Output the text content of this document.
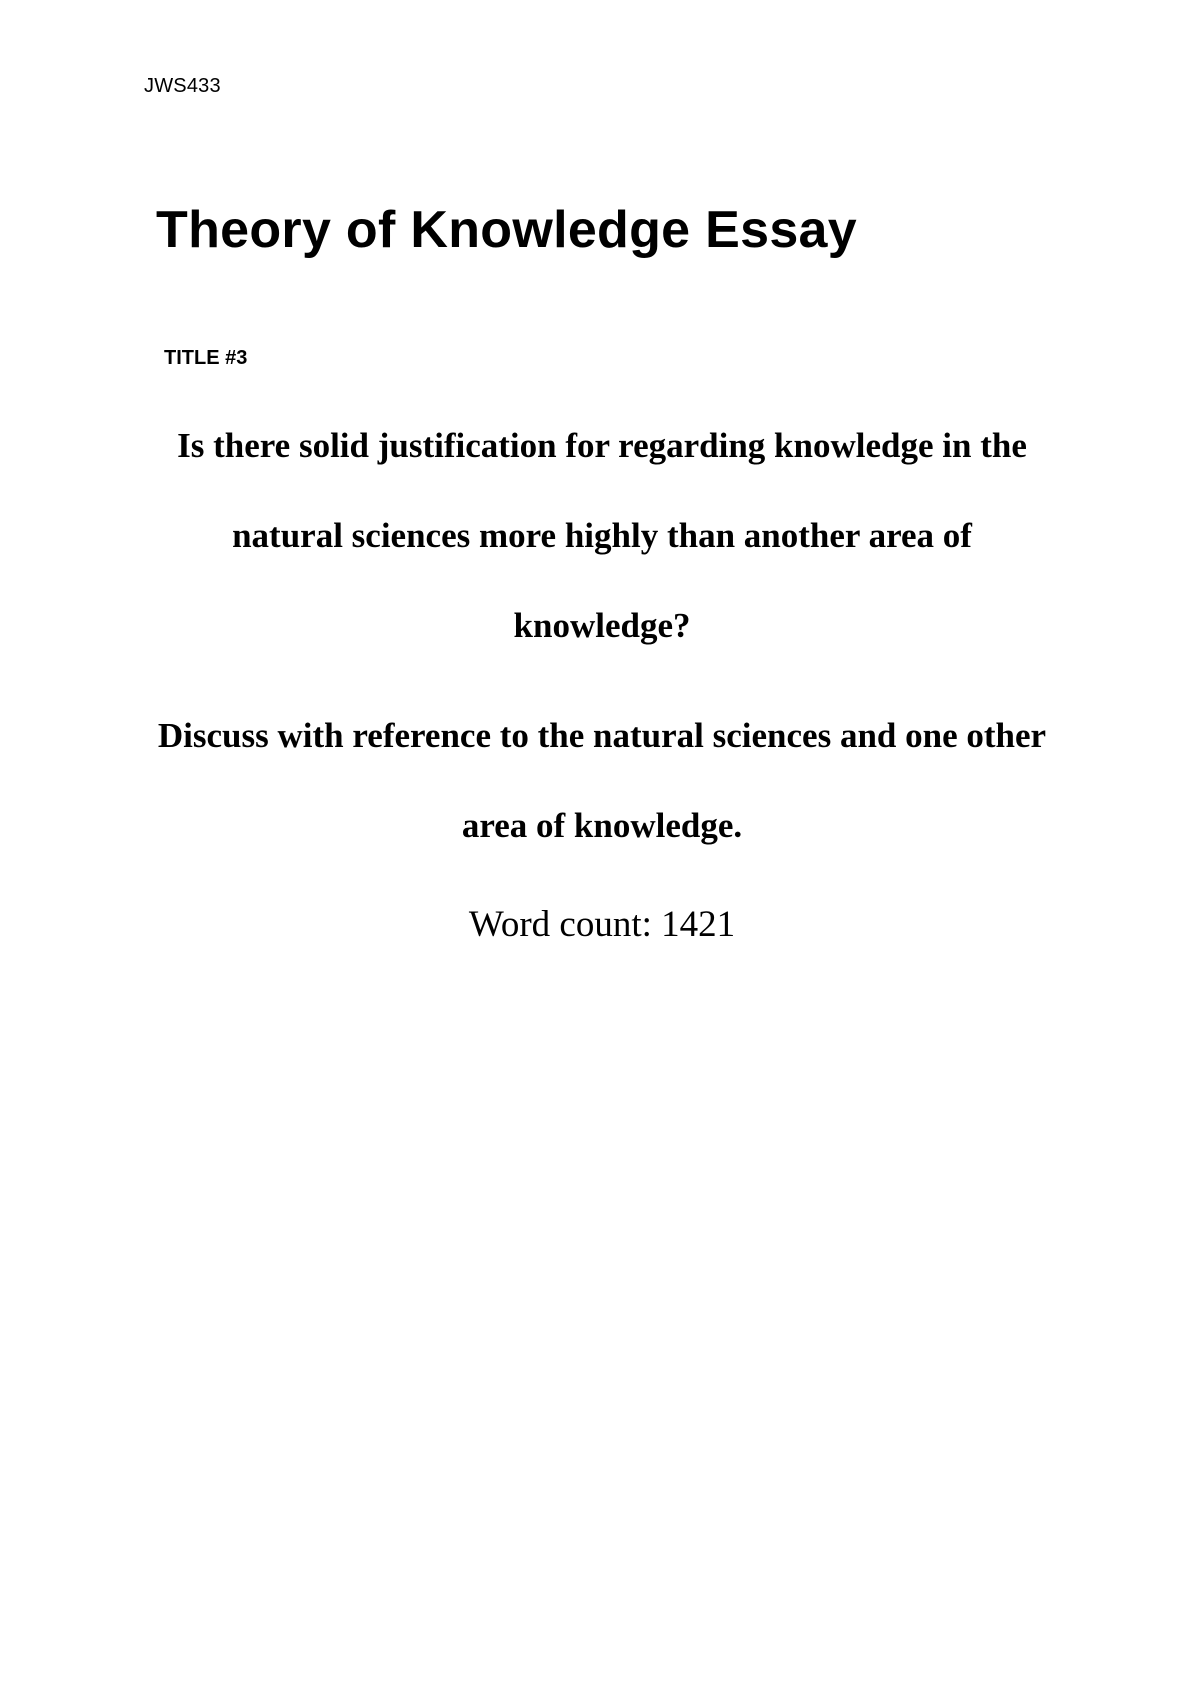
JWS433
Theory of Knowledge Essay
TITLE #3

Is there solid justification for regarding knowledge in the natural sciences more highly than another area of knowledge?

Discuss with reference to the natural sciences and one other area of knowledge.

Word count: 1421
